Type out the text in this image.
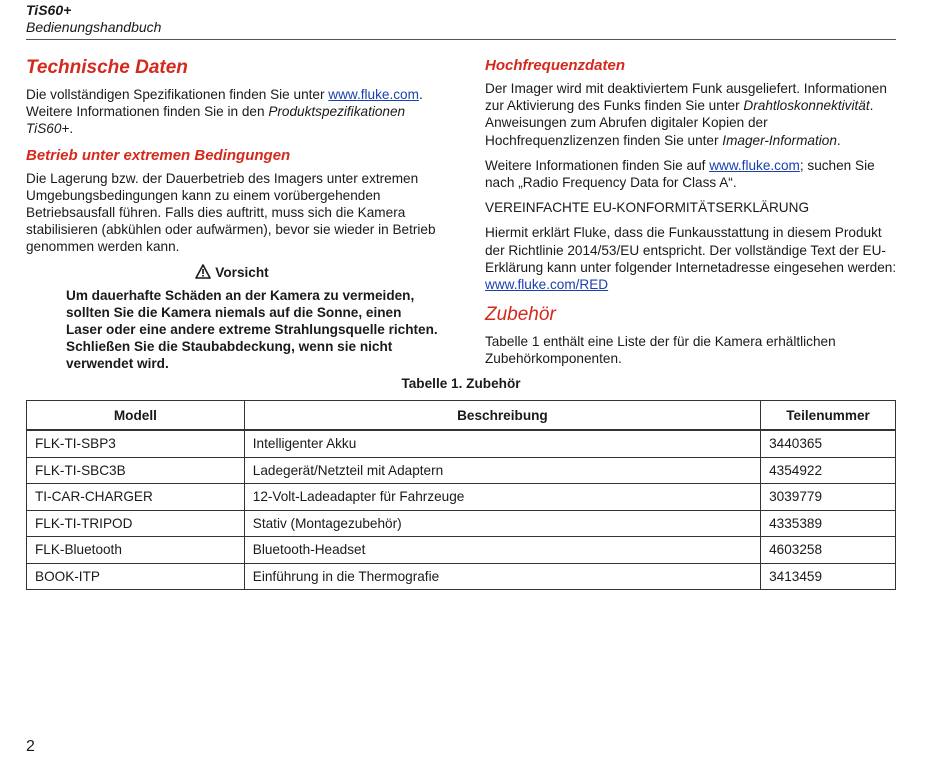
TiS60+
Bedienungshandbuch
Technische Daten

Die vollständigen Spezifikationen finden Sie unter www.fluke.com. Weitere Informationen finden Sie in den Produktspezifikationen TiS60+.

Betrieb unter extremen Bedingungen

Die Lagerung bzw. der Dauerbetrieb des Imagers unter extremen Umgebungsbedingungen kann zu einem vorübergehenden Betriebsausfall führen. Falls dies auftritt, muss sich die Kamera stabilisieren (abkühlen oder aufwärmen), bevor sie wieder in Betrieb genommen werden kann.

Vorsicht
Um dauerhafte Schäden an der Kamera zu vermeiden, sollten Sie die Kamera niemals auf die Sonne, einen Laser oder eine andere extreme Strahlungsquelle richten. Schließen Sie die Staubabdeckung, wenn sie nicht verwendet wird.
Hochfrequenzdaten

Der Imager wird mit deaktiviertem Funk ausgeliefert. Informationen zur Aktivierung des Funks finden Sie unter Drahtloskonnektivität. Anweisungen zum Abrufen digitaler Kopien der Hochfrequenzlizenzen finden Sie unter Imager-Information.

Weitere Informationen finden Sie auf www.fluke.com; suchen Sie nach „Radio Frequency Data for Class A“.

VEREINFACHTE EU-KONFORMITÄTSERKLÄRUNG

Hiermit erklärt Fluke, dass die Funkausstattung in diesem Produkt der Richtlinie 2014/53/EU entspricht. Der vollständige Text der EU-Erklärung kann unter folgender Internetadresse eingesehen werden: www.fluke.com/RED

Zubehör

Tabelle 1 enthält eine Liste der für die Kamera erhältlichen Zubehörkomponenten.

Tabelle 1. Zubehör
Modell	Beschreibung	Teilenummer
FLK-TI-SBP3	Intelligenter Akku	3440365
FLK-TI-SBC3B	Ladegerät/Netzteil mit Adaptern	4354922
TI-CAR-CHARGER	12-Volt-Ladeadapter für Fahrzeuge	3039779
FLK-TI-TRIPOD	Stativ (Montagezubehör)	4335389
FLK-Bluetooth	Bluetooth-Headset	4603258
BOOK-ITP	Einführung in die Thermografie	3413459
2
